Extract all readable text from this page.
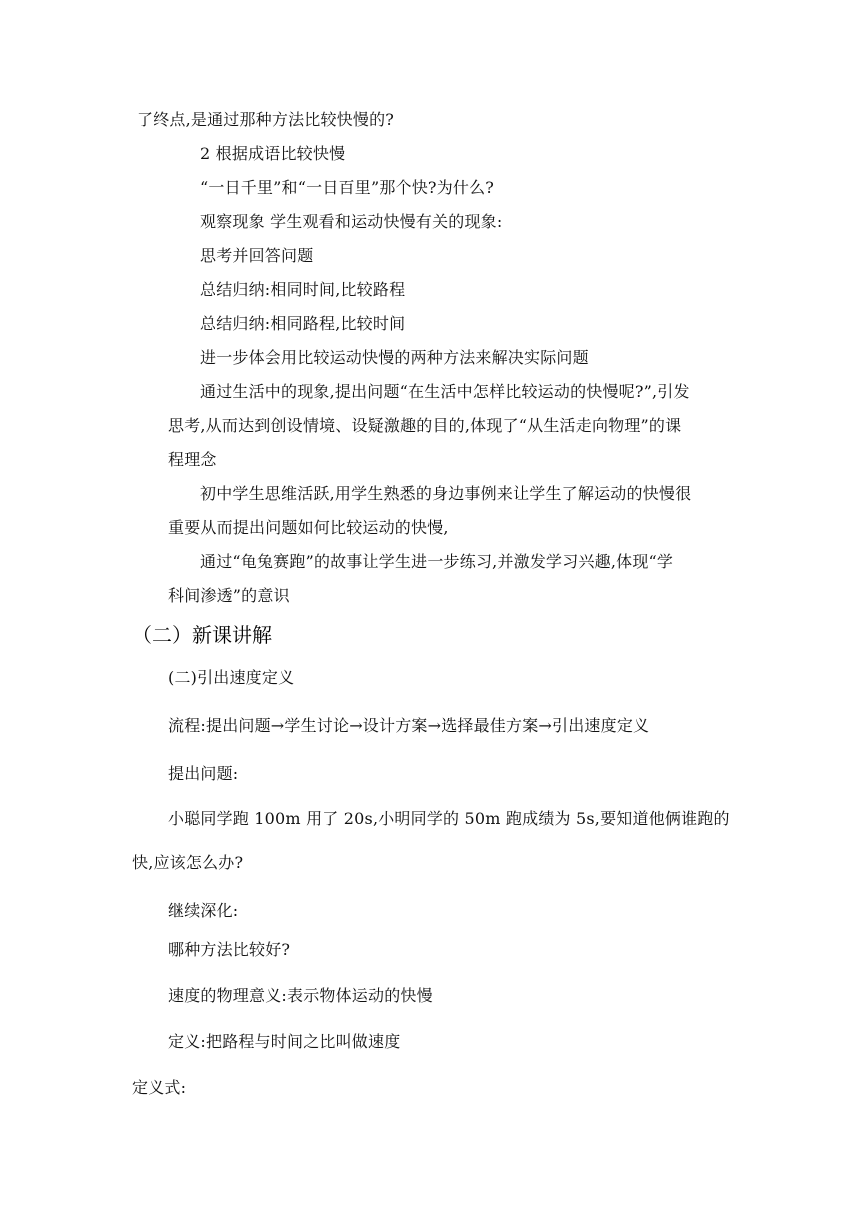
了终点,是通过那种方法比较快慢的?
2 根据成语比较快慢
“一日千里”和“一日百里”那个快?为什么?
观察现象 学生观看和运动快慢有关的现象:
思考并回答问题
总结归纳:相同时间,比较路程
总结归纳:相同路程,比较时间
进一步体会用比较运动快慢的两种方法来解决实际问题
通过生活中的现象,提出问题“在生活中怎样比较运动的快慢呢?”,引发
思考,从而达到创设情境、设疑激趣的目的,体现了“从生活走向物理”的课
程理念
初中学生思维活跃,用学生熟悉的身边事例来让学生了解运动的快慢很
重要从而提出问题如何比较运动的快慢,
通过“龟兔赛跑”的故事让学生进一步练习,并激发学习兴趣,体现“学
科间渗透”的意识
（二）新课讲解
(二)引出速度定义
流程:提出问题→学生讨论→设计方案→选择最佳方案→引出速度定义
提出问题:
小聪同学跑 100m 用了 20s,小明同学的 50m 跑成绩为 5s,要知道他俩谁跑的
快,应该怎么办?
继续深化:
哪种方法比较好?
速度的物理意义:表示物体运动的快慢
定义:把路程与时间之比叫做速度
定义式:
